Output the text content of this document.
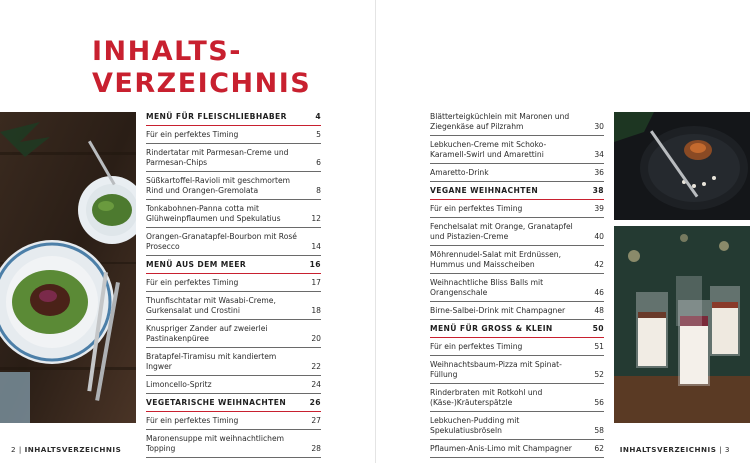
INHALTS-
VERZEICHNIS
MENÜ FÜR FLEISCHLIEBHABER	4
Für ein perfektes Timing	5
Rindertatar mit Parmesan-Creme und Parmesan-Chips	6
Süßkartoffel-Ravioli mit geschmortem Rind und Orangen-Gremolata	8
Tonkabohnen-Panna cotta mit Glühweinpflaumen und Spekulatius	12
Orangen-Granatapfel-Bourbon mit Rosé Prosecco	14
MENÜ AUS DEM MEER	16
Für ein perfektes Timing	17
Thunfischtatar mit Wasabi-Creme, Gurkensalat und Crostini	18
Knuspriger Zander auf zweierlei Pastinakenpüree	20
Bratapfel-Tiramisu mit kandiertem Ingwer	22
Limoncello-Spritz	24
VEGETARISCHE WEIHNACHTEN	26
Für ein perfektes Timing	27
Maronensuppe mit weihnachtlichem Topping	28
Blätterteigküchlein mit Maronen und Ziegenkäse auf Pilzrahm	30
Lebkuchen-Creme mit Schoko-Karamell-Swirl und Amarettini	34
Amaretto-Drink	36
VEGANE WEIHNACHTEN	38
Für ein perfektes Timing	39
Fenchelsalat mit Orange, Granatapfel und Pistazien-Creme	40
Möhrennudel-Salat mit Erdnüssen, Hummus und Maisscheiben	42
Weihnachtliche Bliss Balls mit Orangenschale	46
Birne-Salbei-Drink mit Champagner	48
MENÜ FÜR GROSS & KLEIN	50
Für ein perfektes Timing	51
Weihnachtsbaum-Pizza mit Spinat-Füllung	52
Rinderbraten mit Rotkohl und (Käse-)Kräuterspätzle	56
Lebkuchen-Pudding mit Spekulatiusbröseln	58
Pflaumen-Anis-Limo mit Champagner	62
2 | INHALTSVERZEICHNIS	INHALTSVERZEICHNIS | 3
